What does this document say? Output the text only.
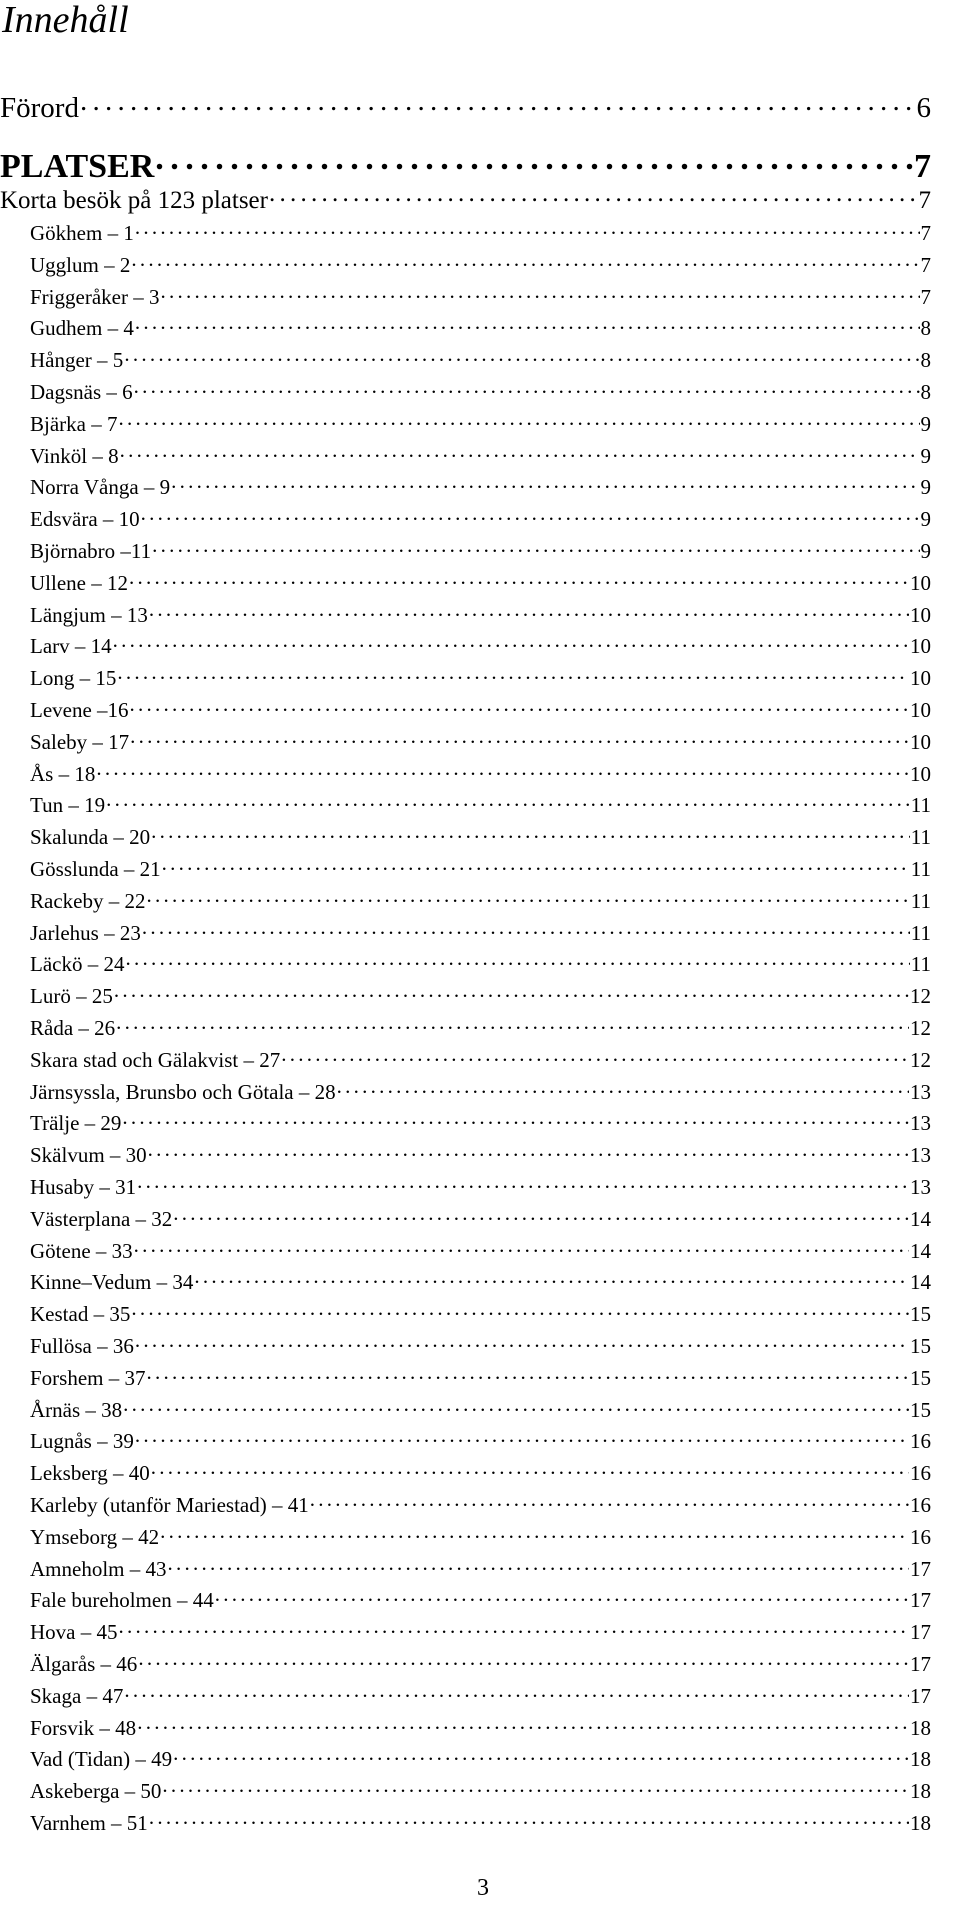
Innehåll
Förord . . .	6
PLATSER . . .	7
Korta besök på 123 platser . . .	7
Gökhem – 1 . . .	7
Ugglum – 2 . . .	7
Friggeråker – 3 . . .	7
Gudhem – 4 . . .	8
Hånger – 5 . . .	8
Dagsnäs – 6 . . .	8
Bjärka – 7 . . .	9
Vinköl – 8 . . .	9
Norra Vånga – 9 . . .	9
Edsvära – 10 . . .	9
Björnabro –11 . . .	9
Ullene – 12 . . .	10
Längjum – 13 . . .	10
Larv – 14 . . .	10
Long – 15 . . .	10
Levene –16 . . .	10
Saleby – 17 . . .	10
Ås – 18 . . .	10
Tun – 19 . . .	11
Skalunda – 20 . . .	11
Gösslunda – 21 . . .	11
Rackeby – 22 . . .	11
Jarlehus – 23 . . .	11
Läckö – 24 . . .	11
Lurö – 25 . . .	12
Råda – 26 . . .	12
Skara stad och Gälakvist – 27 . . .	12
Järnsyssla, Brunsbo och Götala – 28 . . .	13
Trälje – 29 . . .	13
Skälvum – 30 . . .	13
Husaby – 31 . . .	13
Västerplana – 32 . . .	14
Götene – 33 . . .	14
Kinne–Vedum – 34 . . .	14
Kestad – 35 . . .	15
Fullösa – 36 . . .	15
Forshem – 37 . . .	15
Årnäs – 38 . . .	15
Lugnås – 39 . . .	16
Leksberg – 40 . . .	16
Karleby (utanför Mariestad) – 41 . . .	16
Ymseborg – 42 . . .	16
Amneholm – 43 . . .	17
Fale bureholmen – 44 . . .	17
Hova – 45 . . .	17
Älgarås – 46 . . .	17
Skaga – 47 . . .	17
Forsvik – 48 . . .	18
Vad (Tidan) – 49 . . .	18
Askeberga – 50 . . .	18
Varnhem – 51 . . .	18
3
